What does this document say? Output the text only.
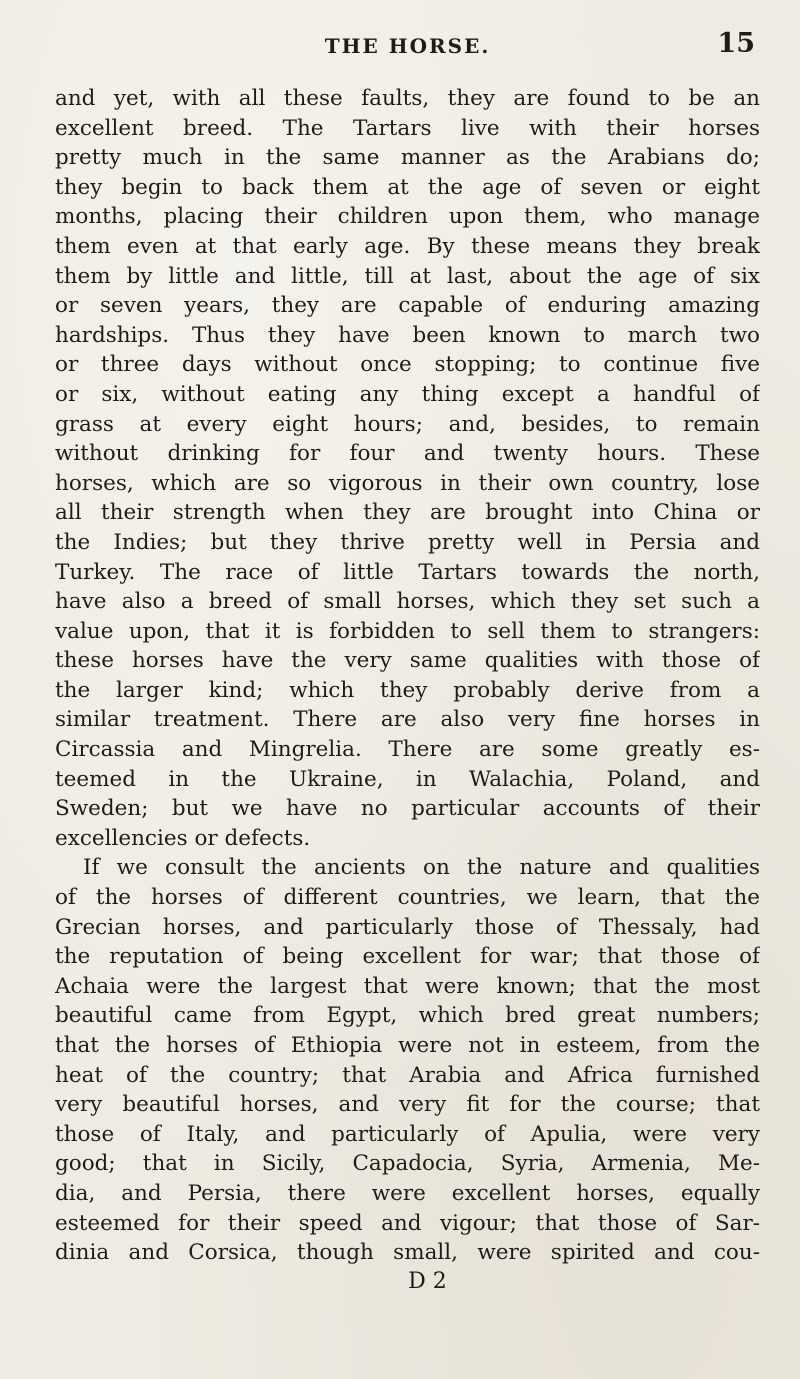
THE HORSE.	15
and yet, with all these faults, they are found to be an
excellent breed. The Tartars live with their horses
pretty much in the same manner as the Arabians do;
they begin to back them at the age of seven or eight
months, placing their children upon them, who manage
them even at that early age. By these means they break
them by little and little, till at last, about the age of six
or seven years, they are capable of enduring amazing
hardships. Thus they have been known to march two
or three days without once stopping; to continue five
or six, without eating any thing except a handful of
grass at every eight hours; and, besides, to remain
without drinking for four and twenty hours. These
horses, which are so vigorous in their own country, lose
all their strength when they are brought into China or
the Indies; but they thrive pretty well in Persia and
Turkey. The race of little Tartars towards the north,
have also a breed of small horses, which they set such a
value upon, that it is forbidden to sell them to strangers:
these horses have the very same qualities with those of
the larger kind; which they probably derive from a
similar treatment. There are also very fine horses in
Circassia and Mingrelia. There are some greatly es-
teemed in the Ukraine, in Walachia, Poland, and
Sweden; but we have no particular accounts of their
excellencies or defects.
If we consult the ancients on the nature and qualities
of the horses of different countries, we learn, that the
Grecian horses, and particularly those of Thessaly, had
the reputation of being excellent for war; that those of
Achaia were the largest that were known; that the most
beautiful came from Egypt, which bred great numbers;
that the horses of Ethiopia were not in esteem, from the
heat of the country; that Arabia and Africa furnished
very beautiful horses, and very fit for the course; that
those of Italy, and particularly of Apulia, were very
good; that in Sicily, Capadocia, Syria, Armenia, Me-
dia, and Persia, there were excellent horses, equally
esteemed for their speed and vigour; that those of Sar-
dinia and Corsica, though small, were spirited and cou-
D 2
